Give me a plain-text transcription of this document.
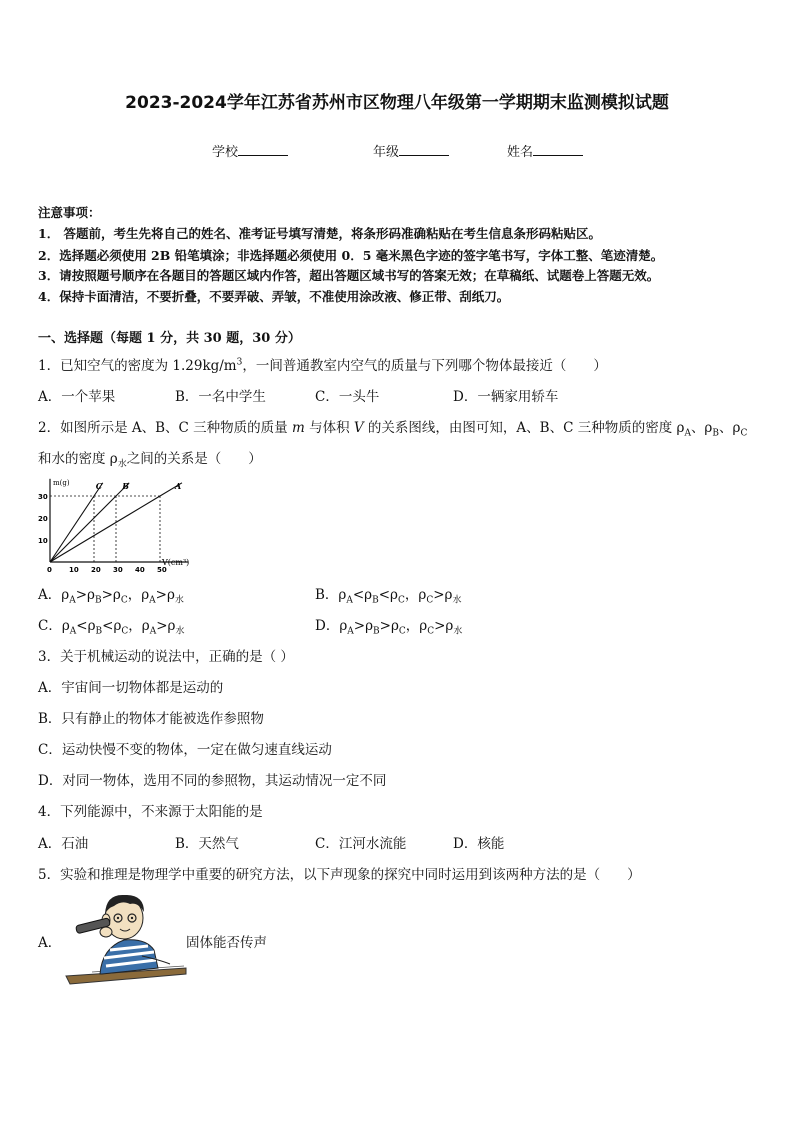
2023-2024学年江苏省苏州市区物理八年级第一学期期末监测模拟试题
学校	年级	姓名
注意事项：
1． 答题前，考生先将自己的姓名、准考证号填写清楚，将条形码准确粘贴在考生信息条形码粘贴区。
2．选择题必须使用 2B 铅笔填涂；非选择题必须使用 0．5 毫米黑色字迹的签字笔书写，字体工整、笔迹清楚。
3．请按照题号顺序在各题目的答题区域内作答，超出答题区域书写的答案无效；在草稿纸、试题卷上答题无效。
4．保持卡面清洁，不要折叠，不要弄破、弄皱，不准使用涂改液、修正带、刮纸刀。
一、选择题（每题 1 分，共 30 题，30 分）
1．已知空气的密度为 $1.29kg/m^3$，一间普通教室内空气的质量与下列哪个物体最接近（　　）
A．一个苹果	B．一名中学生	C．一头牛	D．一辆家用轿车
2．如图所示是 A、B、C 三种物质的质量 m 与体积 V 的关系图线，由图可知，A、B、C 三种物质的密度 $\rho_A$、$\rho_B$、$\rho_C$
和水的密度 $\rho_水$之间的关系是（　　）
m(g)
V(cm³)
0 10 20 30 40 50
10
20
30
C	B	A
A．$\rho_A>\rho_B>\rho_C$，$\rho_A>\rho_水$	B．$\rho_A<\rho_B<\rho_C$，$\rho_C>\rho_水$
C．$\rho_A<\rho_B<\rho_C$，$\rho_A>\rho_水$	D．$\rho_A>\rho_B>\rho_C$，$\rho_C>\rho_水$
3．关于机械运动的说法中，正确的是（ ）
A．宇宙间一切物体都是运动的
B．只有静止的物体才能被选作参照物
C．运动快慢不变的物体，一定在做匀速直线运动
D．对同一物体，选用不同的参照物，其运动情况一定不同
4．下列能源中，不来源于太阳能的是
A．石油	B．天然气	C．江河水流能	D．核能
5．实验和推理是物理学中重要的研究方法，以下声现象的探究中同时运用到该两种方法的是（　　）
A．	固体能否传声
